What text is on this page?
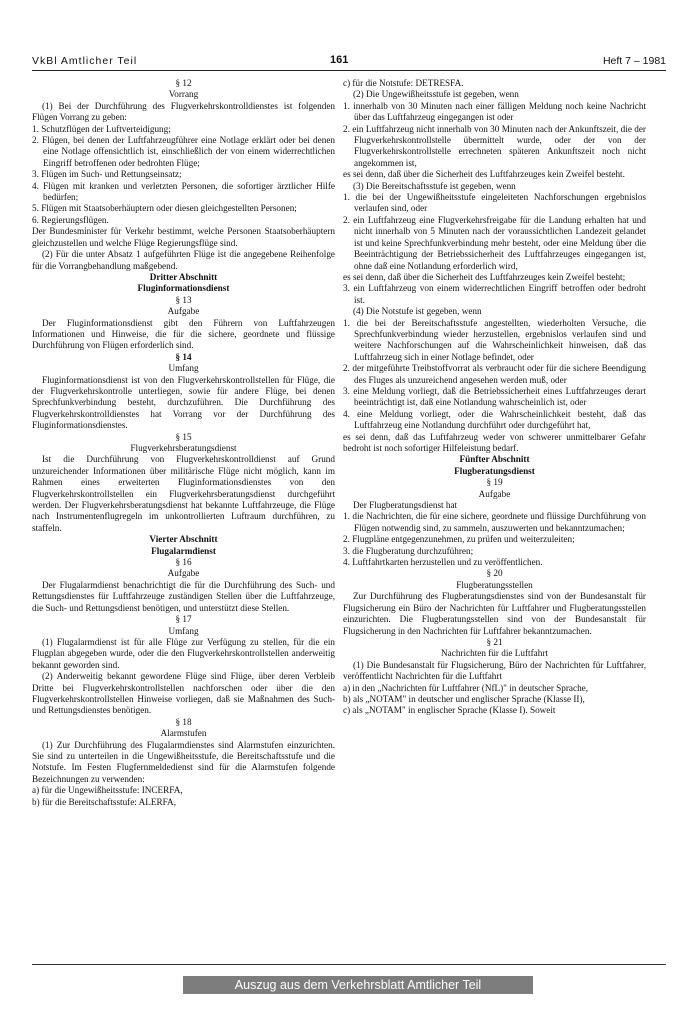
VkBl Amtlicher Teil	161	Heft 7 – 1981

§ 12

Vorrang

(1) Bei der Durchführung des Flugverkehrskontrolldienstes ist folgenden Flügen Vorrang zu geben:

1. Schutzflügen der Luftverteidigung;

2. Flügen, bei denen der Luftfahrzeugführer eine Notlage erklärt oder bei denen eine Notlage offensichtlich ist, einschließlich der von einem widerrechtlichen Eingriff betroffenen oder bedrohten Flüge;

3. Flügen im Such- und Rettungseinsatz;

4. Flügen mit kranken und verletzten Personen, die sofortiger ärztlicher Hilfe bedürfen;

5. Flügen mit Staatsoberhäuptern oder diesen gleichgestellten Personen;

6. Regierungsflügen.

Der Bundesminister für Verkehr bestimmt, welche Personen Staatsoberhäuptern gleichzustellen und welche Flüge Regierungsflüge sind.

(2) Für die unter Absatz 1 aufgeführten Flüge ist die angegebene Reihenfolge für die Vorrangbehandlung maßgebend.

Dritter Abschnitt

Fluginformationsdienst

§ 13

Aufgabe

Der Fluginformationsdienst gibt den Führern von Luftfahrzeugen Informationen und Hinweise, die für die sichere, geordnete und flüssige Durchführung von Flügen erforderlich sind.

§ 14

Umfang

Fluginformationsdienst ist von den Flugverkehrskontrollstellen für Flüge, die der Flugverkehrskontrolle unterliegen, sowie für andere Flüge, bei denen Sprechfunkverbindung besteht, durchzuführen. Die Durchführung des Flugverkehrskontrolldienstes hat Vorrang vor der Durchführung des Fluginformationsdienstes.

§ 15

Flugverkehrsberatungsdienst

Ist die Durchführung von Flugverkehrskontrolldienst auf Grund unzureichender Informationen über militärische Flüge nicht möglich, kann im Rahmen eines erweiterten Fluginformationsdienstes von den Flugverkehrskontrollstellen ein Flugverkehrsberatungsdienst durchgeführt werden. Der Flugverkehrsberatungsdienst hat bekannte Luftfahrzeuge, die Flüge nach Instrumentenflugregeln im unkontrollierten Luftraum durchführen, zu staffeln.

Vierter Abschnitt

Flugalarmdienst

§ 16

Aufgabe

Der Flugalarmdienst benachrichtigt die für die Durchführung des Such- und Rettungsdienstes für Luftfahrzeuge zuständigen Stellen über die Luftfahrzeuge, die Such- und Rettungsdienst benötigen, und unterstützt diese Stellen.

§ 17

Umfang

(1) Flugalarmdienst ist für alle Flüge zur Verfügung zu stellen, für die ein Flugplan abgegeben wurde, oder die den Flugverkehrskontrollstellen anderweitig bekannt geworden sind.

(2) Anderweitig bekannt gewordene Flüge sind Flüge, über deren Verbleib Dritte bei Flugverkehrskontrollstellen nachforschen oder über die den Flugverkehrskontrollstellen Hinweise vorliegen, daß sie Maßnahmen des Such- und Rettungsdienstes benötigen.

§ 18

Alarmstufen

(1) Zur Durchführung des Flugalarmdienstes sind Alarmstufen einzurichten. Sie sind zu unterteilen in die Ungewißheitsstufe, die Bereitschaftsstufe und die Notstufe. Im Festen Flugfernmeldedienst sind für die Alarmstufen folgende Bezeichnungen zu verwenden:

a) für die Ungewißheitsstufe: INCERFA,

b) für die Bereitschaftsstufe: ALERFA,

c) für die Notstufe: DETRESFA.

(2) Die Ungewißheitsstufe ist gegeben, wenn

1. innerhalb von 30 Minuten nach einer fälligen Meldung noch keine Nachricht über das Luftfahrzeug eingegangen ist oder

2. ein Luftfahrzeug nicht innerhalb von 30 Minuten nach der Ankunftszeit, die der Flugverkehrskontrollstelle übermittelt wurde, oder der von der Flugverkehrskontrollstelle errechneten späteren Ankunftszeit noch nicht angekommen ist,

es sei denn, daß über die Sicherheit des Luftfahrzeuges kein Zweifel besteht.

(3) Die Bereitschaftsstufe ist gegeben, wenn

1. die bei der Ungewißheitsstufe eingeleiteten Nachforschungen ergebnislos verlaufen sind, oder

2. ein Luftfahrzeug eine Flugverkehrsfreigabe für die Landung erhalten hat und nicht innerhalb von 5 Minuten nach der voraussichtlichen Landezeit gelandet ist und keine Sprechfunkverbindung mehr besteht, oder eine Meldung über die Beeinträchtigung der Betriebssicherheit des Luftfahrzeuges eingegangen ist, ohne daß eine Notlandung erforderlich wird,

es sei denn, daß über die Sicherheit des Luftfahrzeuges kein Zweifel besteht;

3. ein Luftfahrzeug von einem widerrechtlichen Eingriff betroffen oder bedroht ist.

(4) Die Notstufe ist gegeben, wenn

1. die bei der Bereitschaftsstufe angestellten, wiederholten Versuche, die Sprechfunkverbindung wieder herzustellen, ergebnislos verlaufen sind und weitere Nachforschungen auf die Wahrscheinlichkeit hinweisen, daß das Luftfahrzeug sich in einer Notlage befindet, oder

2. der mitgeführte Treibstoffvorrat als verbraucht oder für die sichere Beendigung des Fluges als unzureichend angesehen werden muß, oder

3. eine Meldung vorliegt, daß die Betriebssicherheit eines Luftfahrzeuges derart beeinträchtigt ist, daß eine Notlandung wahrscheinlich ist, oder

4. eine Meldung vorliegt, oder die Wahrscheinlichkeit besteht, daß das Luftfahrzeug eine Notlandung durchführt oder durchgeführt hat,

es sei denn, daß das Luftfahrzeug weder von schwerer unmittelbarer Gefahr bedroht ist noch sofortiger Hilfeleistung bedarf.

Fünfter Abschnitt

Flugberatungsdienst

§ 19

Aufgabe

Der Flugberatungsdienst hat

1. die Nachrichten, die für eine sichere, geordnete und flüssige Durchführung von Flügen notwendig sind, zu sammeln, auszuwerten und bekanntzumachen;

2. Flugpläne entgegenzunehmen, zu prüfen und weiterzuleiten;

3. die Flugberatung durchzuführen;

4. Luftfahrtkarten herzustellen und zu veröffentlichen.

§ 20

Flugberatungsstellen

Zur Durchführung des Flugberatungsdienstes sind von der Bundesanstalt für Flugsicherung ein Büro der Nachrichten für Luftfahrer und Flugberatungsstellen einzurichten. Die Flugberatungsstellen sind von der Bundesanstalt für Flugsicherung in den Nachrichten für Luftfahrer bekanntzumachen.

§ 21

Nachrichten für die Luftfahrt

(1) Die Bundesanstalt für Flugsicherung, Büro der Nachrichten für Luftfahrer, veröffentlicht Nachrichten für die Luftfahrt

a) in den „Nachrichten für Luftfahrer (NfL)" in deutscher Sprache,

b) als „NOTAM" in deutscher und englischer Sprache (Klasse II),

c) als „NOTAM" in englischer Sprache (Klasse I). Soweit

Auszug aus dem Verkehrsblatt Amtlicher Teil
